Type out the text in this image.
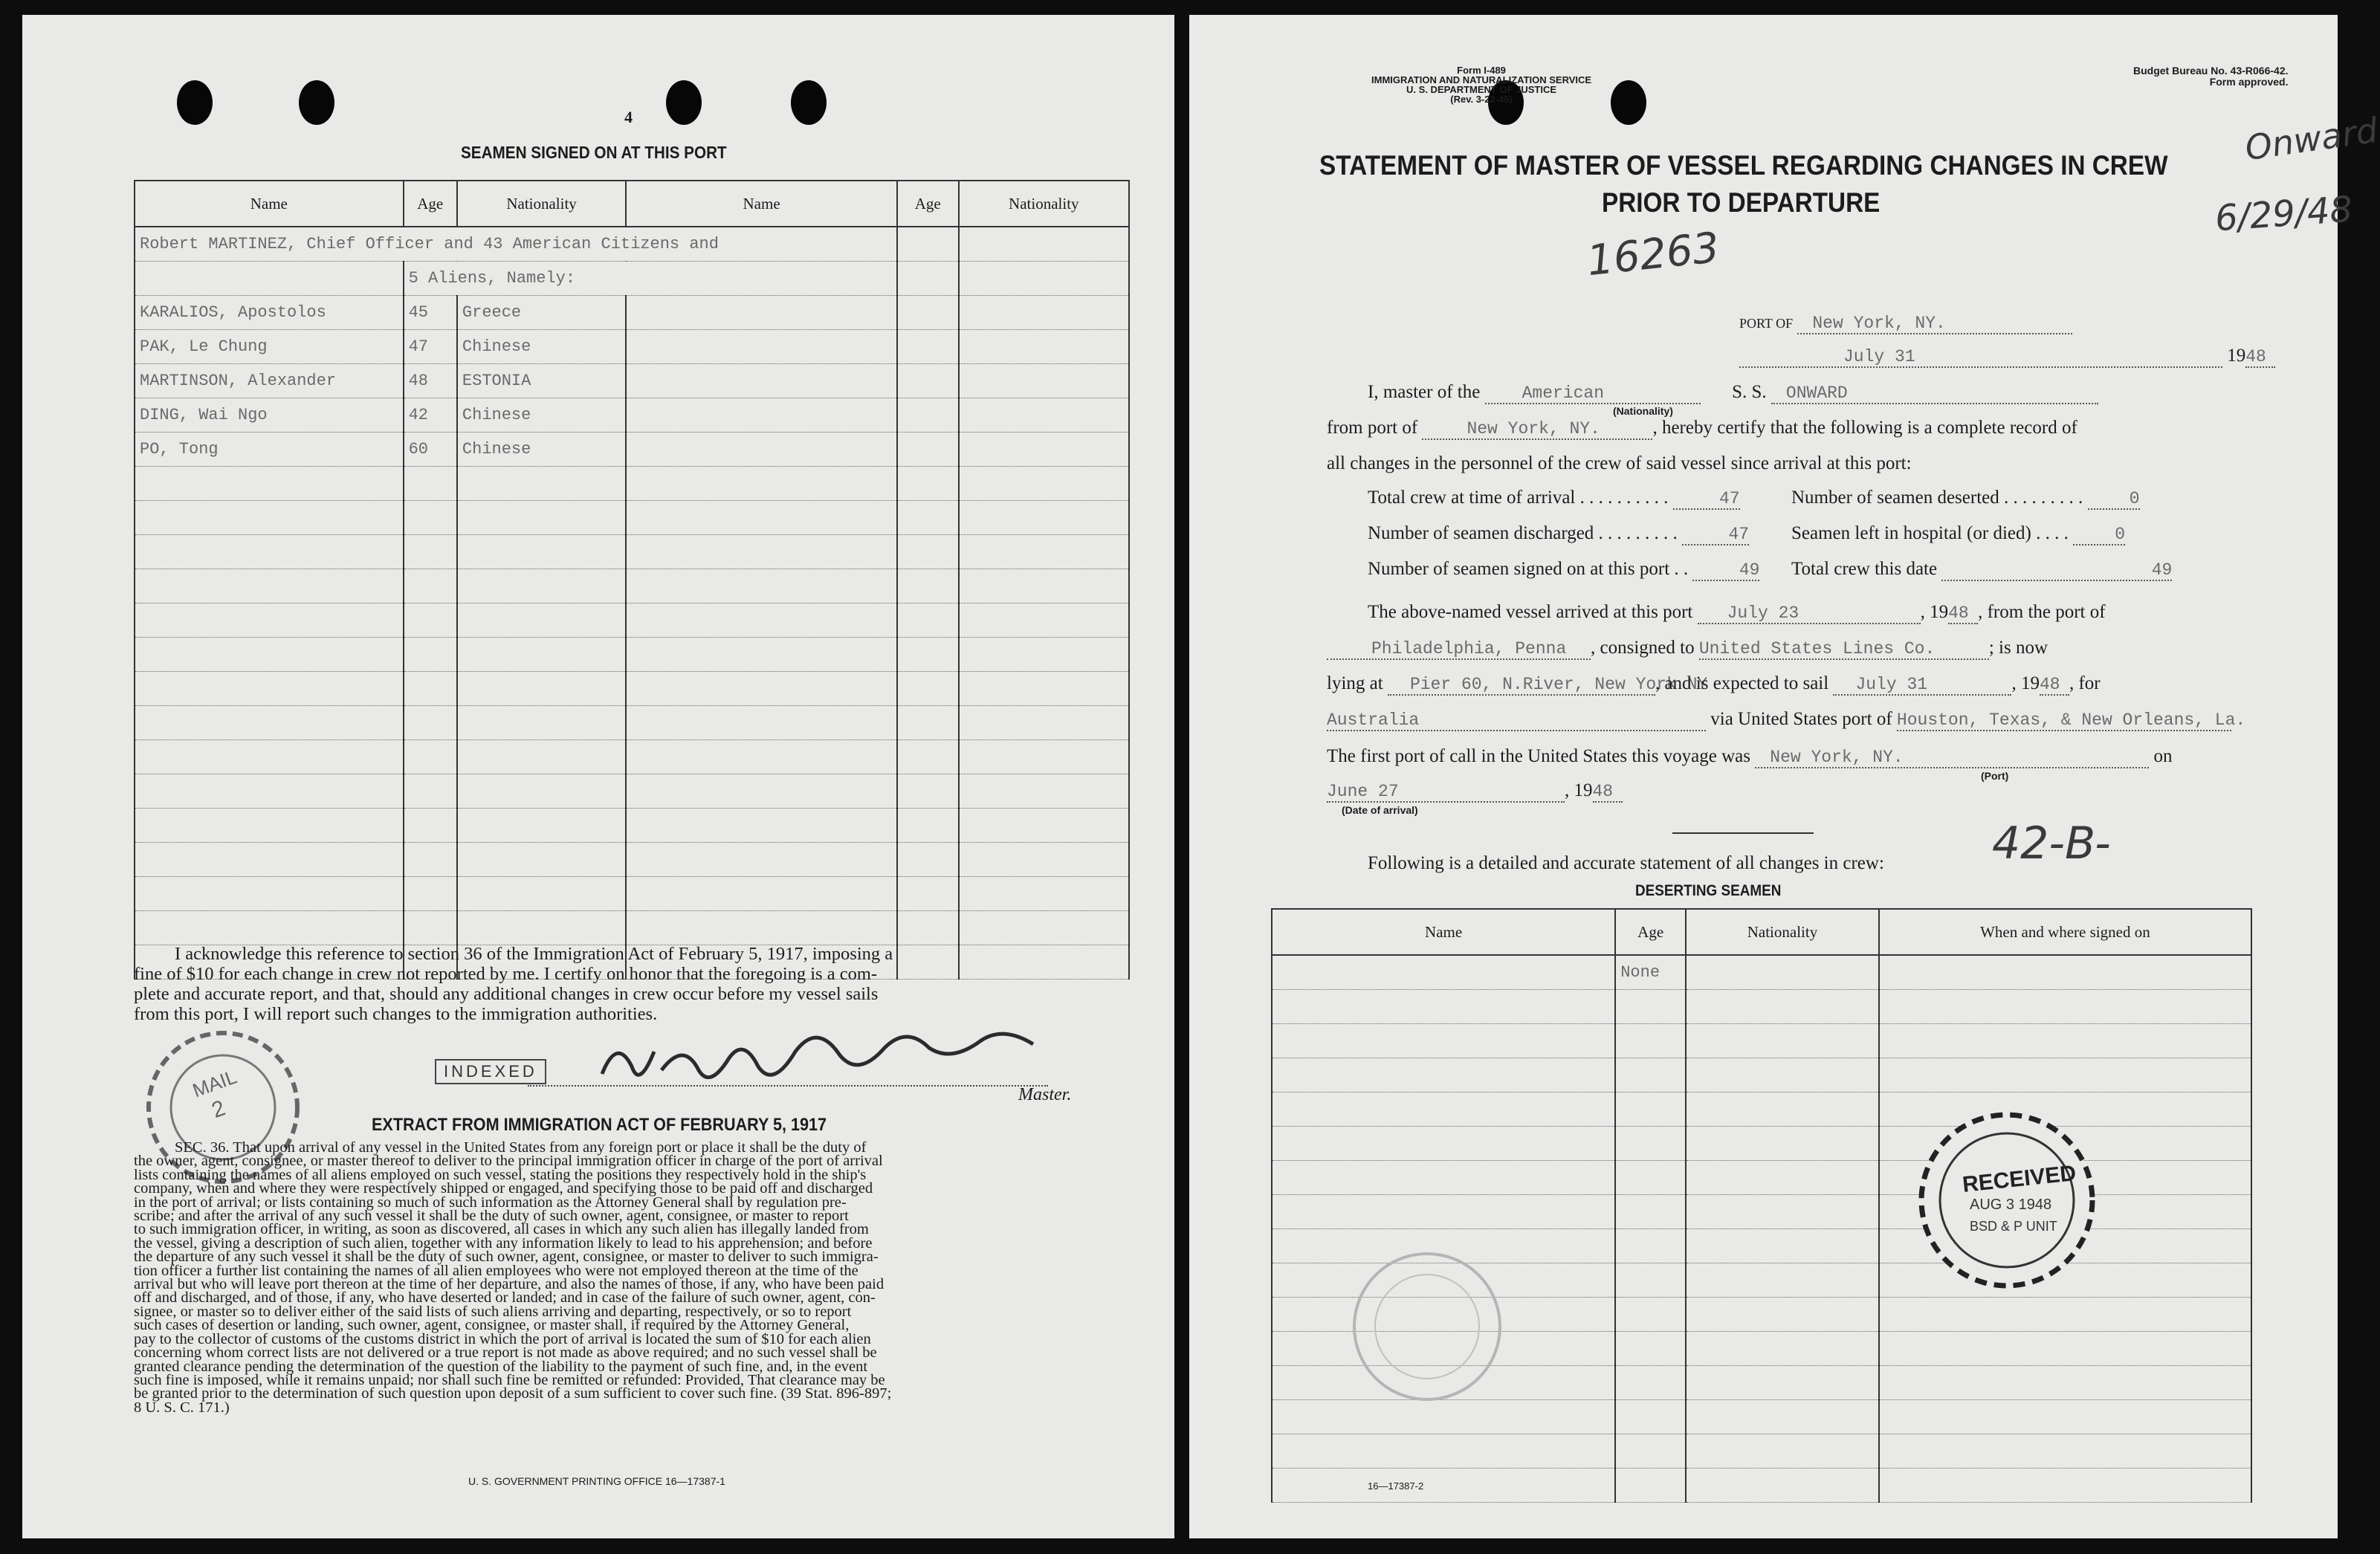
4
SEAMEN SIGNED ON AT THIS PORT
Name	Age	Nationality	Name	Age	Nationality
Robert MARTINEZ, Chief Officer and 43 American Citizens and					
	5 Aliens, Namely:				
KARALIOS, Apostolos	45	Greece			
PAK, Le Chung	47	Chinese			
MARTINSON, Alexander	48	ESTONIA			
DING, Wai Ngo	42	Chinese			
PO, Tong	60	Chinese			

I acknowledge this reference to section 36 of the Immigration Act of February 5, 1917, imposing a
fine of $10 for each change in crew not reported by me. I certify on honor that the foregoing is a com-
plete and accurate report, and that, should any additional changes in crew occur before my vessel sails
from this port, I will report such changes to the immigration authorities.
INDEXED
Master.
MAIL
2
EXTRACT FROM IMMIGRATION ACT OF FEBRUARY 5, 1917
SEC. 36. That upon arrival of any vessel in the United States from any foreign port or place it shall be the duty of
the owner, agent, consignee, or master thereof to deliver to the principal immigration officer in charge of the port of arrival
lists containing the names of all aliens employed on such vessel, stating the positions they respectively hold in the ship's
company, when and where they were respectively shipped or engaged, and specifying those to be paid off and discharged
in the port of arrival; or lists containing so much of such information as the Attorney General shall by regulation pre-
scribe; and after the arrival of any such vessel it shall be the duty of such owner, agent, consignee, or master to report
to such immigration officer, in writing, as soon as discovered, all cases in which any such alien has illegally landed from
the vessel, giving a description of such alien, together with any information likely to lead to his apprehension; and before
the departure of any such vessel it shall be the duty of such owner, agent, consignee, or master to deliver to such immigra-
tion officer a further list containing the names of all alien employees who were not employed thereon at the time of the
arrival but who will leave port thereon at the time of her departure, and also the names of those, if any, who have been paid
off and discharged, and of those, if any, who have deserted or landed; and in case of the failure of such owner, agent, con-
signee, or master so to deliver either of the said lists of such aliens arriving and departing, respectively, or so to report
such cases of desertion or landing, such owner, agent, consignee, or master shall, if required by the Attorney General,
pay to the collector of customs of the customs district in which the port of arrival is located the sum of $10 for each alien
concerning whom correct lists are not delivered or a true report is not made as above required; and no such vessel shall be
granted clearance pending the determination of the question of the liability to the payment of such fine, and, in the event
such fine is imposed, while it remains unpaid; nor shall such fine be remitted or refunded: Provided, That clearance may be
be granted prior to the determination of such question upon deposit of a sum sufficient to cover such fine. (39 Stat. 896-897;
8 U. S. C. 171.)
U. S. GOVERNMENT PRINTING OFFICE 16—17387-1
Form I-489
IMMIGRATION AND NATURALIZATION SERVICE
U. S. DEPARTMENT OF JUSTICE
(Rev. 3-22-45)
Budget Bureau No. 43-R066-42.
Form approved.
Onward
6/29/48
STATEMENT OF MASTER OF VESSEL REGARDING CHANGES IN CREW
PRIOR TO DEPARTURE
16263
PORT OF New York, NY.
July 31	1948
I, master of the American	S. S. ONWARD
(Nationality)
from port of	New York, NY.	, hereby certify that the following is a complete record of
all changes in the personnel of the crew of said vessel since arrival at this port:
Total crew at time of arrival . . . . . . . . . .	47	Number of seamen deserted . . . . . . . . .	0
Number of seamen discharged . . . . . . . . .	47 Seamen left in hospital (or died) . . . .	0
Number of seamen signed on at this port . .	49 Total crew this date	49
The above-named vessel arrived at this port July 23	, 1948 , from the port of
Philadelphia, Penna , consigned to United States Lines Co.	; is now
lying at Pier 60, N.River, New York NY, and is expected to sail July 31	, 1948 , for
Australia	via United States port of Houston, Texas, & New Orleans, La.
The first port of call in the United States this voyage was New York, NY.	on
(Port)
June 27	, 1948
(Date of arrival)
42-B-
Following is a detailed and accurate statement of all changes in crew:
DESERTING SEAMEN
Name	Age	Nationality	When and where signed on
	None		

RECEIVED
AUG 3 1948
BSD & P UNIT
16—17387-2
